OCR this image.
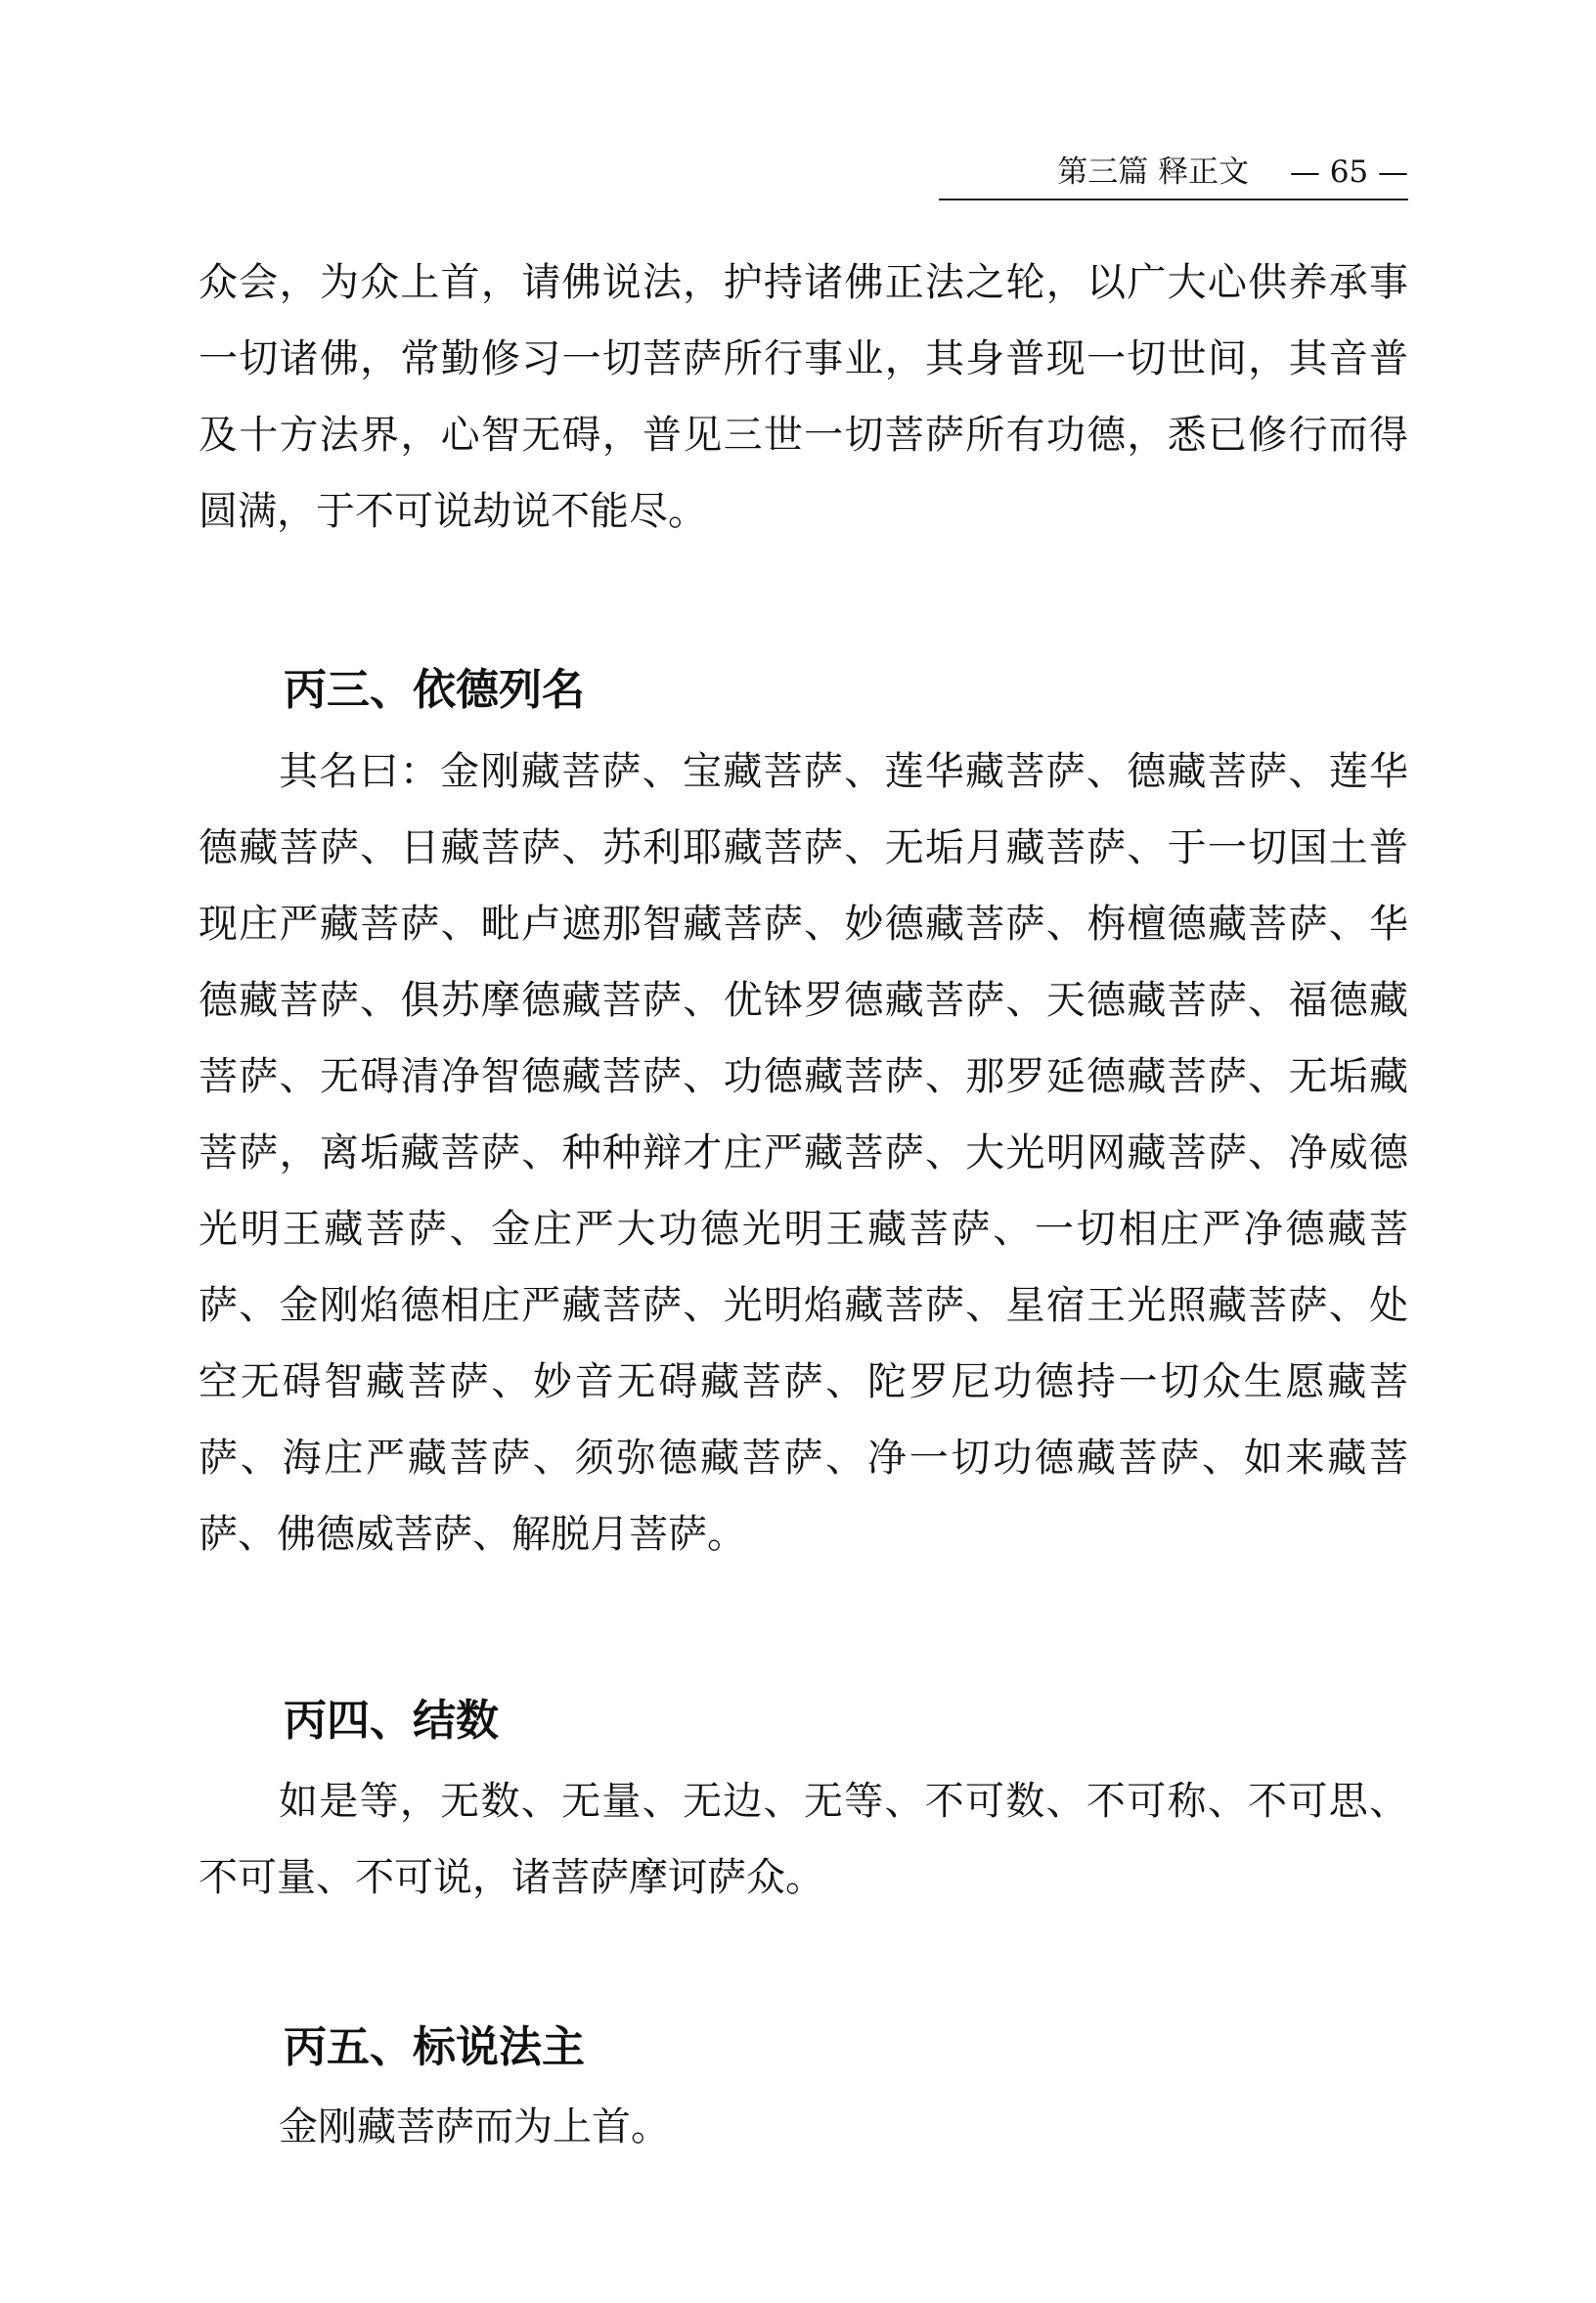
第三篇 释正文 — 65 —

众会，为众上首，请佛说法，护持诸佛正法之轮，以广大心供养承事一切诸佛，常勤修习一切菩萨所行事业，其身普现一切世间，其音普及十方法界，心智无碍，普见三世一切菩萨所有功德，悉已修行而得圆满，于不可说劫说不能尽。

丙三、依德列名

其名曰：金刚藏菩萨、宝藏菩萨、莲华藏菩萨、德藏菩萨、莲华德藏菩萨、日藏菩萨、苏利耶藏菩萨、无垢月藏菩萨、于一切国土普现庄严藏菩萨、毗卢遮那智藏菩萨、妙德藏菩萨、栴檀德藏菩萨、华德藏菩萨、俱苏摩德藏菩萨、优钵罗德藏菩萨、天德藏菩萨、福德藏菩萨、无碍清净智德藏菩萨、功德藏菩萨、那罗延德藏菩萨、无垢藏菩萨，离垢藏菩萨、种种辩才庄严藏菩萨、大光明网藏菩萨、净威德光明王藏菩萨、金庄严大功德光明王藏菩萨、一切相庄严净德藏菩萨、金刚焰德相庄严藏菩萨、光明焰藏菩萨、星宿王光照藏菩萨、处空无碍智藏菩萨、妙音无碍藏菩萨、陀罗尼功德持一切众生愿藏菩萨、海庄严藏菩萨、须弥德藏菩萨、净一切功德藏菩萨、如来藏菩萨、佛德威菩萨、解脱月菩萨。

丙四、结数

如是等，无数、无量、无边、无等、不可数、不可称、不可思、不可量、不可说，诸菩萨摩诃萨众。

丙五、标说法主

金刚藏菩萨而为上首。
